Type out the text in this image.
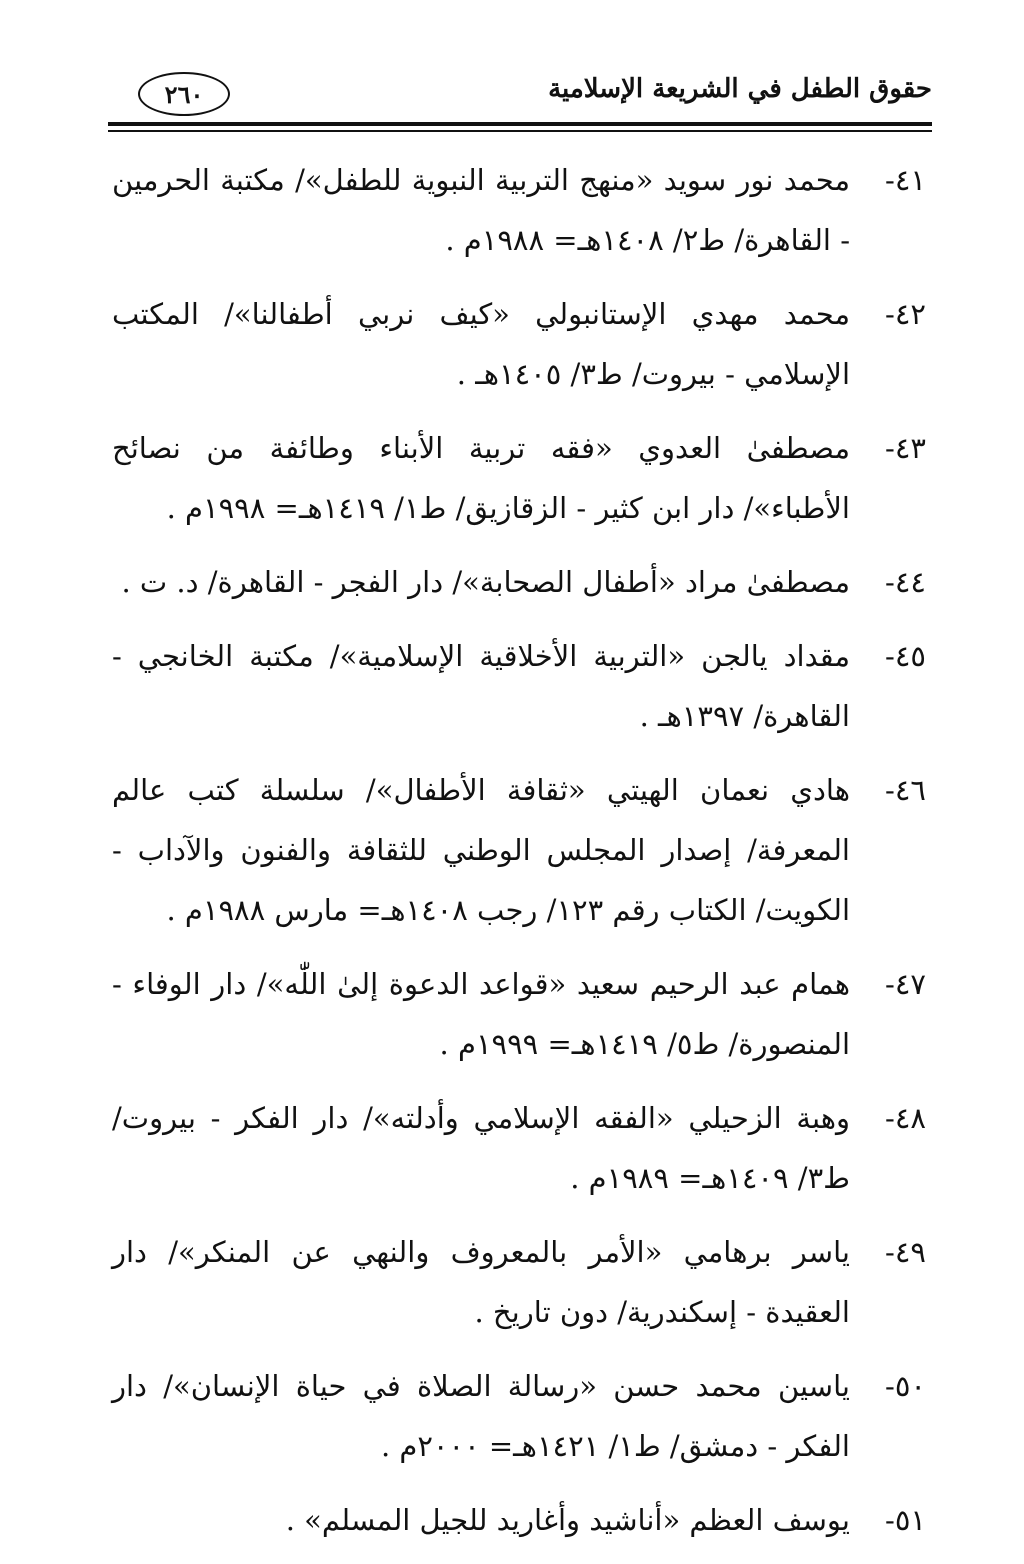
٢٦٠	حقوق الطفل في الشريعة الإسلامية
٤١-
محمد نور سويد «منهج التربية النبوية للطفل»/ مكتبة الحرمين - القاهرة/ ط٢/ ١٤٠٨هـ= ١٩٨٨م .
٤٢-
محمد مهدي الإستانبولي «كيف نربي أطفالنا»/ المكتب الإسلامي - بيروت/ ط٣/ ١٤٠٥هـ .
٤٣-
مصطفىٰ العدوي «فقه تربية الأبناء وطائفة من نصائح الأطباء»/ دار ابن كثير - الزقازيق/ ط١/ ١٤١٩هـ= ١٩٩٨م .
٤٤-
مصطفىٰ مراد «أطفال الصحابة»/ دار الفجر - القاهرة/ د. ت .
٤٥-
مقداد يالجن «التربية الأخلاقية الإسلامية»/ مكتبة الخانجي - القاهرة/ ١٣٩٧هـ .
٤٦-
هادي نعمان الهيتي «ثقافة الأطفال»/ سلسلة كتب عالم المعرفة/ إصدار المجلس الوطني للثقافة والفنون والآداب - الكويت/ الكتاب رقم ١٢٣/ رجب ١٤٠٨هـ= مارس ١٩٨٨م .
٤٧-
همام عبد الرحيم سعيد «قواعد الدعوة إلىٰ اللّٰه»/ دار الوفاء - المنصورة/ ط٥/ ١٤١٩هـ= ١٩٩٩م .
٤٨-
وهبة الزحيلي «الفقه الإسلامي وأدلته»/ دار الفكر - بيروت/ ط٣/ ١٤٠٩هـ= ١٩٨٩م .
٤٩-
ياسر برهامي «الأمر بالمعروف والنهي عن المنكر»/ دار العقيدة - إسكندرية/ دون تاريخ .
٥٠-
ياسين محمد حسن «رسالة الصلاة في حياة الإنسان»/ دار الفكر - دمشق/ ط١/ ١٤٢١هـ= ٢٠٠٠م .
٥١-
يوسف العظم «أناشيد وأغاريد للجيل المسلم» .
